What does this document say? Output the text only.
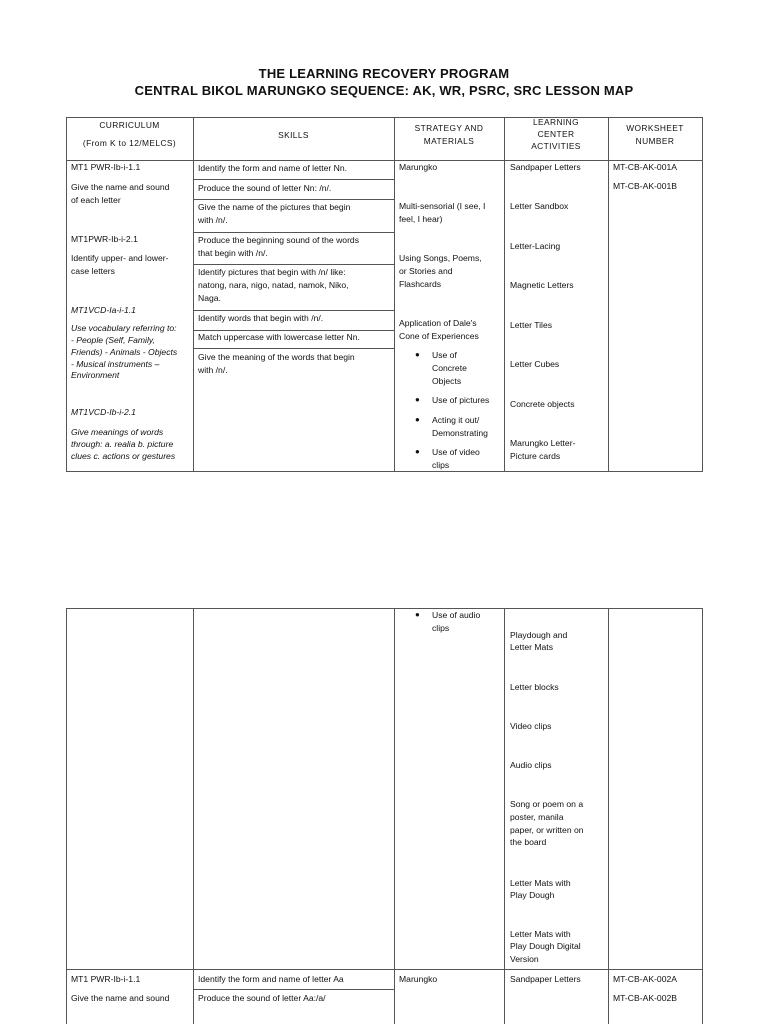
THE LEARNING RECOVERY PROGRAM
CENTRAL BIKOL MARUNGKO SEQUENCE: AK, WR, PSRC, SRC LESSON MAP
CURRICULUM
(From K to 12/MELCS)
SKILLS
STRATEGY AND
MATERIALS
LEARNING
CENTER
ACTIVITIES
WORKSHEET
NUMBER
MT1 PWR-Ib-i-1.1
Give the name and sound
of each letter
MT1PWR-Ib-i-2.1
Identify upper- and lower-
case letters
MT1VCD-Ia-i-1.1
Use vocabulary referring to:
- People (Self, Family,
Friends) - Animals - Objects
- Musical instruments –
Environment
MT1VCD-Ib-i-2.1
Give meanings of words
through: a. realia b. picture
clues c. actions or gestures
Identify the form and name of letter Nn.
Produce the sound of letter Nn: /n/.
Give the name of the pictures that begin
with /n/.
Produce the beginning sound of the words
that begin with /n/.
Identify pictures that begin with /n/ like:
natong, nara, nigo, natad, namok, Niko,
Naga.
Identify words that begin with /n/.
Match uppercase with lowercase letter Nn.
Give the meaning of the words that begin
with /n/.
Marungko
Multi-sensorial (I see, I
feel, I hear)
Using Songs, Poems,
or Stories and
Flashcards
Application of Dale's
Cone of Experiences
● Use of
Concrete
Objects
● Use of pictures
● Acting it out/
Demonstrating
● Use of video
clips
Sandpaper Letters
Letter Sandbox
Letter-Lacing
Magnetic Letters
Letter Tiles
Letter Cubes
Concrete objects
Marungko Letter-
Picture cards
MT-CB-AK-001A
MT-CB-AK-001B
● Use of audio
clips
Playdough and
Letter Mats
Letter blocks
Video clips
Audio clips
Song or poem on a
poster, manila
paper, or written on
the board
Letter Mats with
Play Dough
Letter Mats with
Play Dough Digital
Version
MT1 PWR-Ib-i-1.1
Give the name and sound
Identify the form and name of letter Aa
Produce the sound of letter Aa:/a/
Marungko	Sandpaper Letters	MT-CB-AK-002A
MT-CB-AK-002B
